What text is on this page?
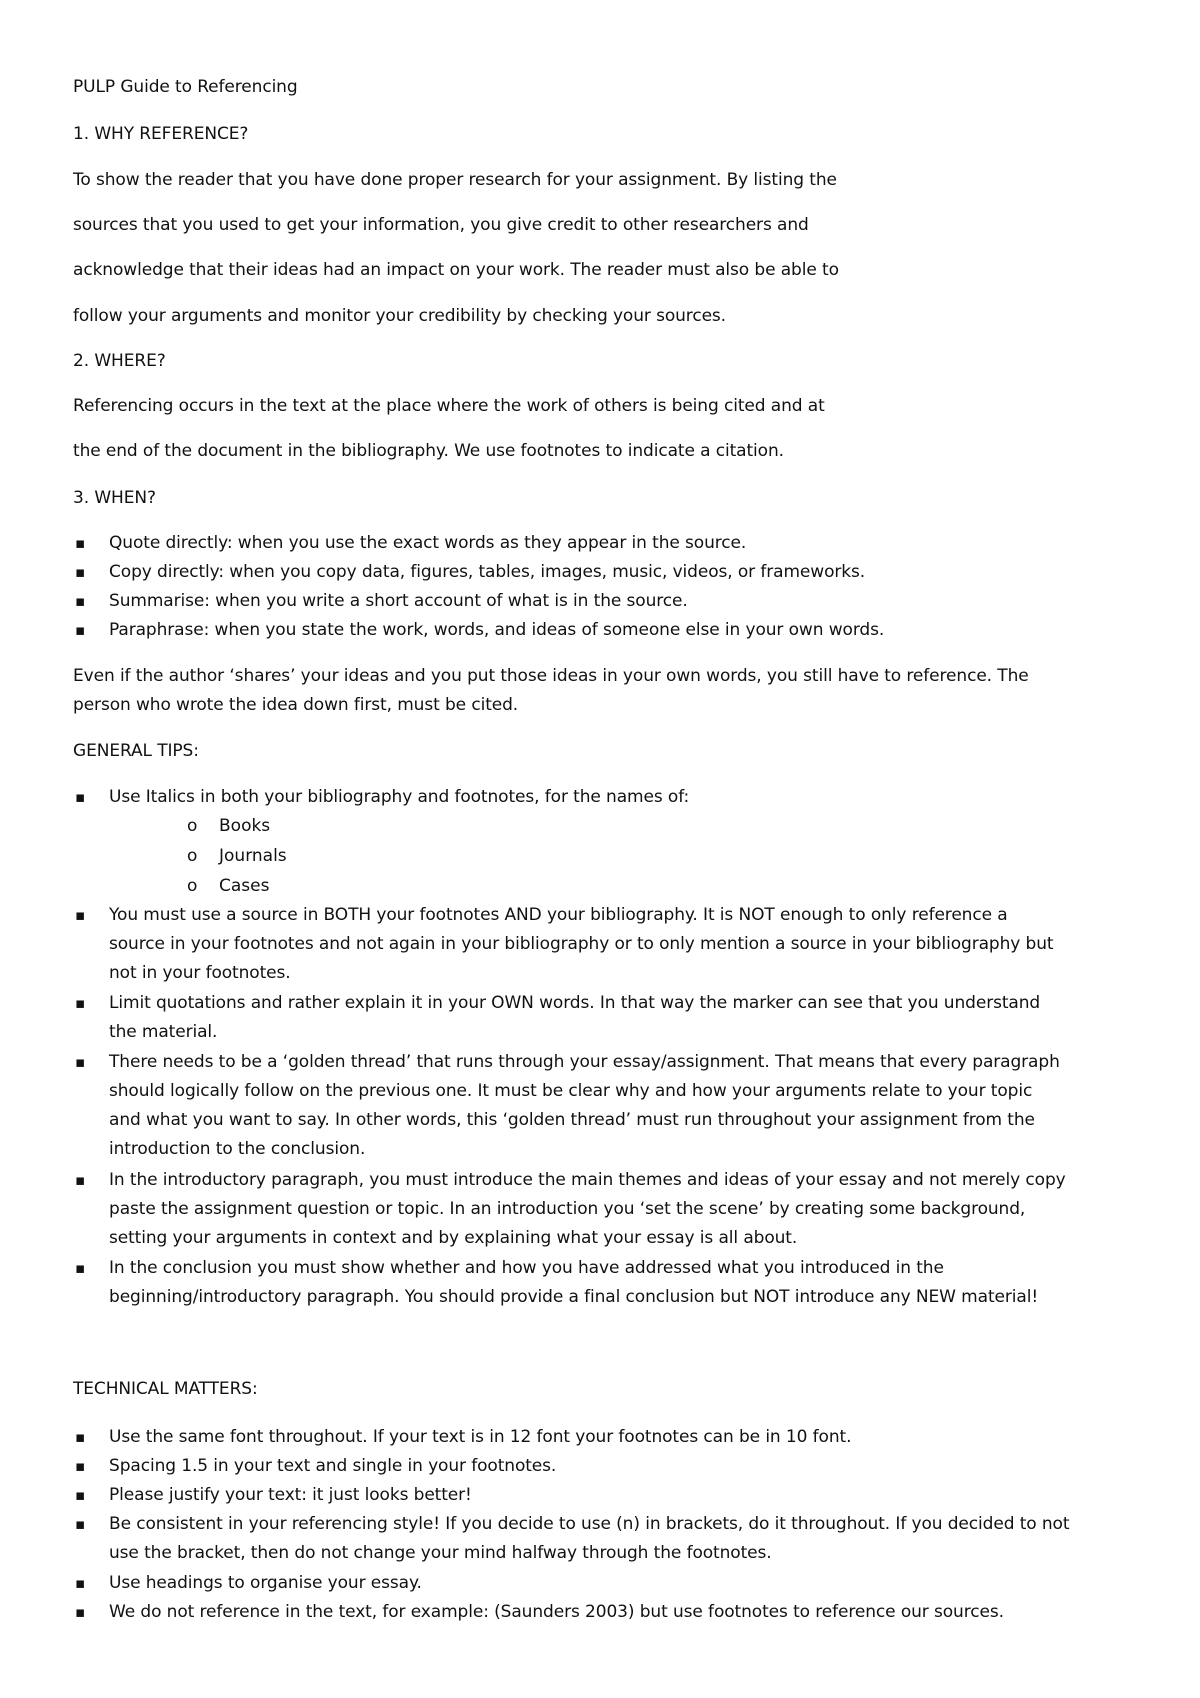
PULP Guide to Referencing
1. WHY REFERENCE?
To show the reader that you have done proper research for your assignment. By listing the
sources that you used to get your information, you give credit to other researchers and
acknowledge that their ideas had an impact on your work. The reader must also be able to
follow your arguments and monitor your credibility by checking your sources.
2. WHERE?
Referencing occurs in the text at the place where the work of others is being cited and at
the end of the document in the bibliography. We use footnotes to indicate a citation.
3. WHEN?
▪ Quote directly: when you use the exact words as they appear in the source.
▪ Copy directly: when you copy data, figures, tables, images, music, videos, or frameworks.
▪ Summarise: when you write a short account of what is in the source.
▪ Paraphrase: when you state the work, words, and ideas of someone else in your own words.
Even if the author ‘shares’ your ideas and you put those ideas in your own words, you still have to reference. The
person who wrote the idea down first, must be cited.
GENERAL TIPS:
▪ Use Italics in both your bibliography and footnotes, for the names of:
o Books
o Journals
o Cases
▪ You must use a source in BOTH your footnotes AND your bibliography. It is NOT enough to only reference a
source in your footnotes and not again in your bibliography or to only mention a source in your bibliography but
not in your footnotes.
▪ Limit quotations and rather explain it in your OWN words. In that way the marker can see that you understand
the material.
▪ There needs to be a ‘golden thread’ that runs through your essay/assignment. That means that every paragraph
should logically follow on the previous one. It must be clear why and how your arguments relate to your topic
and what you want to say. In other words, this ‘golden thread’ must run throughout your assignment from the
introduction to the conclusion.
▪ In the introductory paragraph, you must introduce the main themes and ideas of your essay and not merely copy
paste the assignment question or topic. In an introduction you ‘set the scene’ by creating some background,
setting your arguments in context and by explaining what your essay is all about.
▪ In the conclusion you must show whether and how you have addressed what you introduced in the
beginning/introductory paragraph. You should provide a final conclusion but NOT introduce any NEW material!
TECHNICAL MATTERS:
▪ Use the same font throughout. If your text is in 12 font your footnotes can be in 10 font.
▪ Spacing 1.5 in your text and single in your footnotes.
▪ Please justify your text: it just looks better!
▪ Be consistent in your referencing style! If you decide to use (n) in brackets, do it throughout. If you decided to not
use the bracket, then do not change your mind halfway through the footnotes.
▪ Use headings to organise your essay.
▪ We do not reference in the text, for example: (Saunders 2003) but use footnotes to reference our sources.
